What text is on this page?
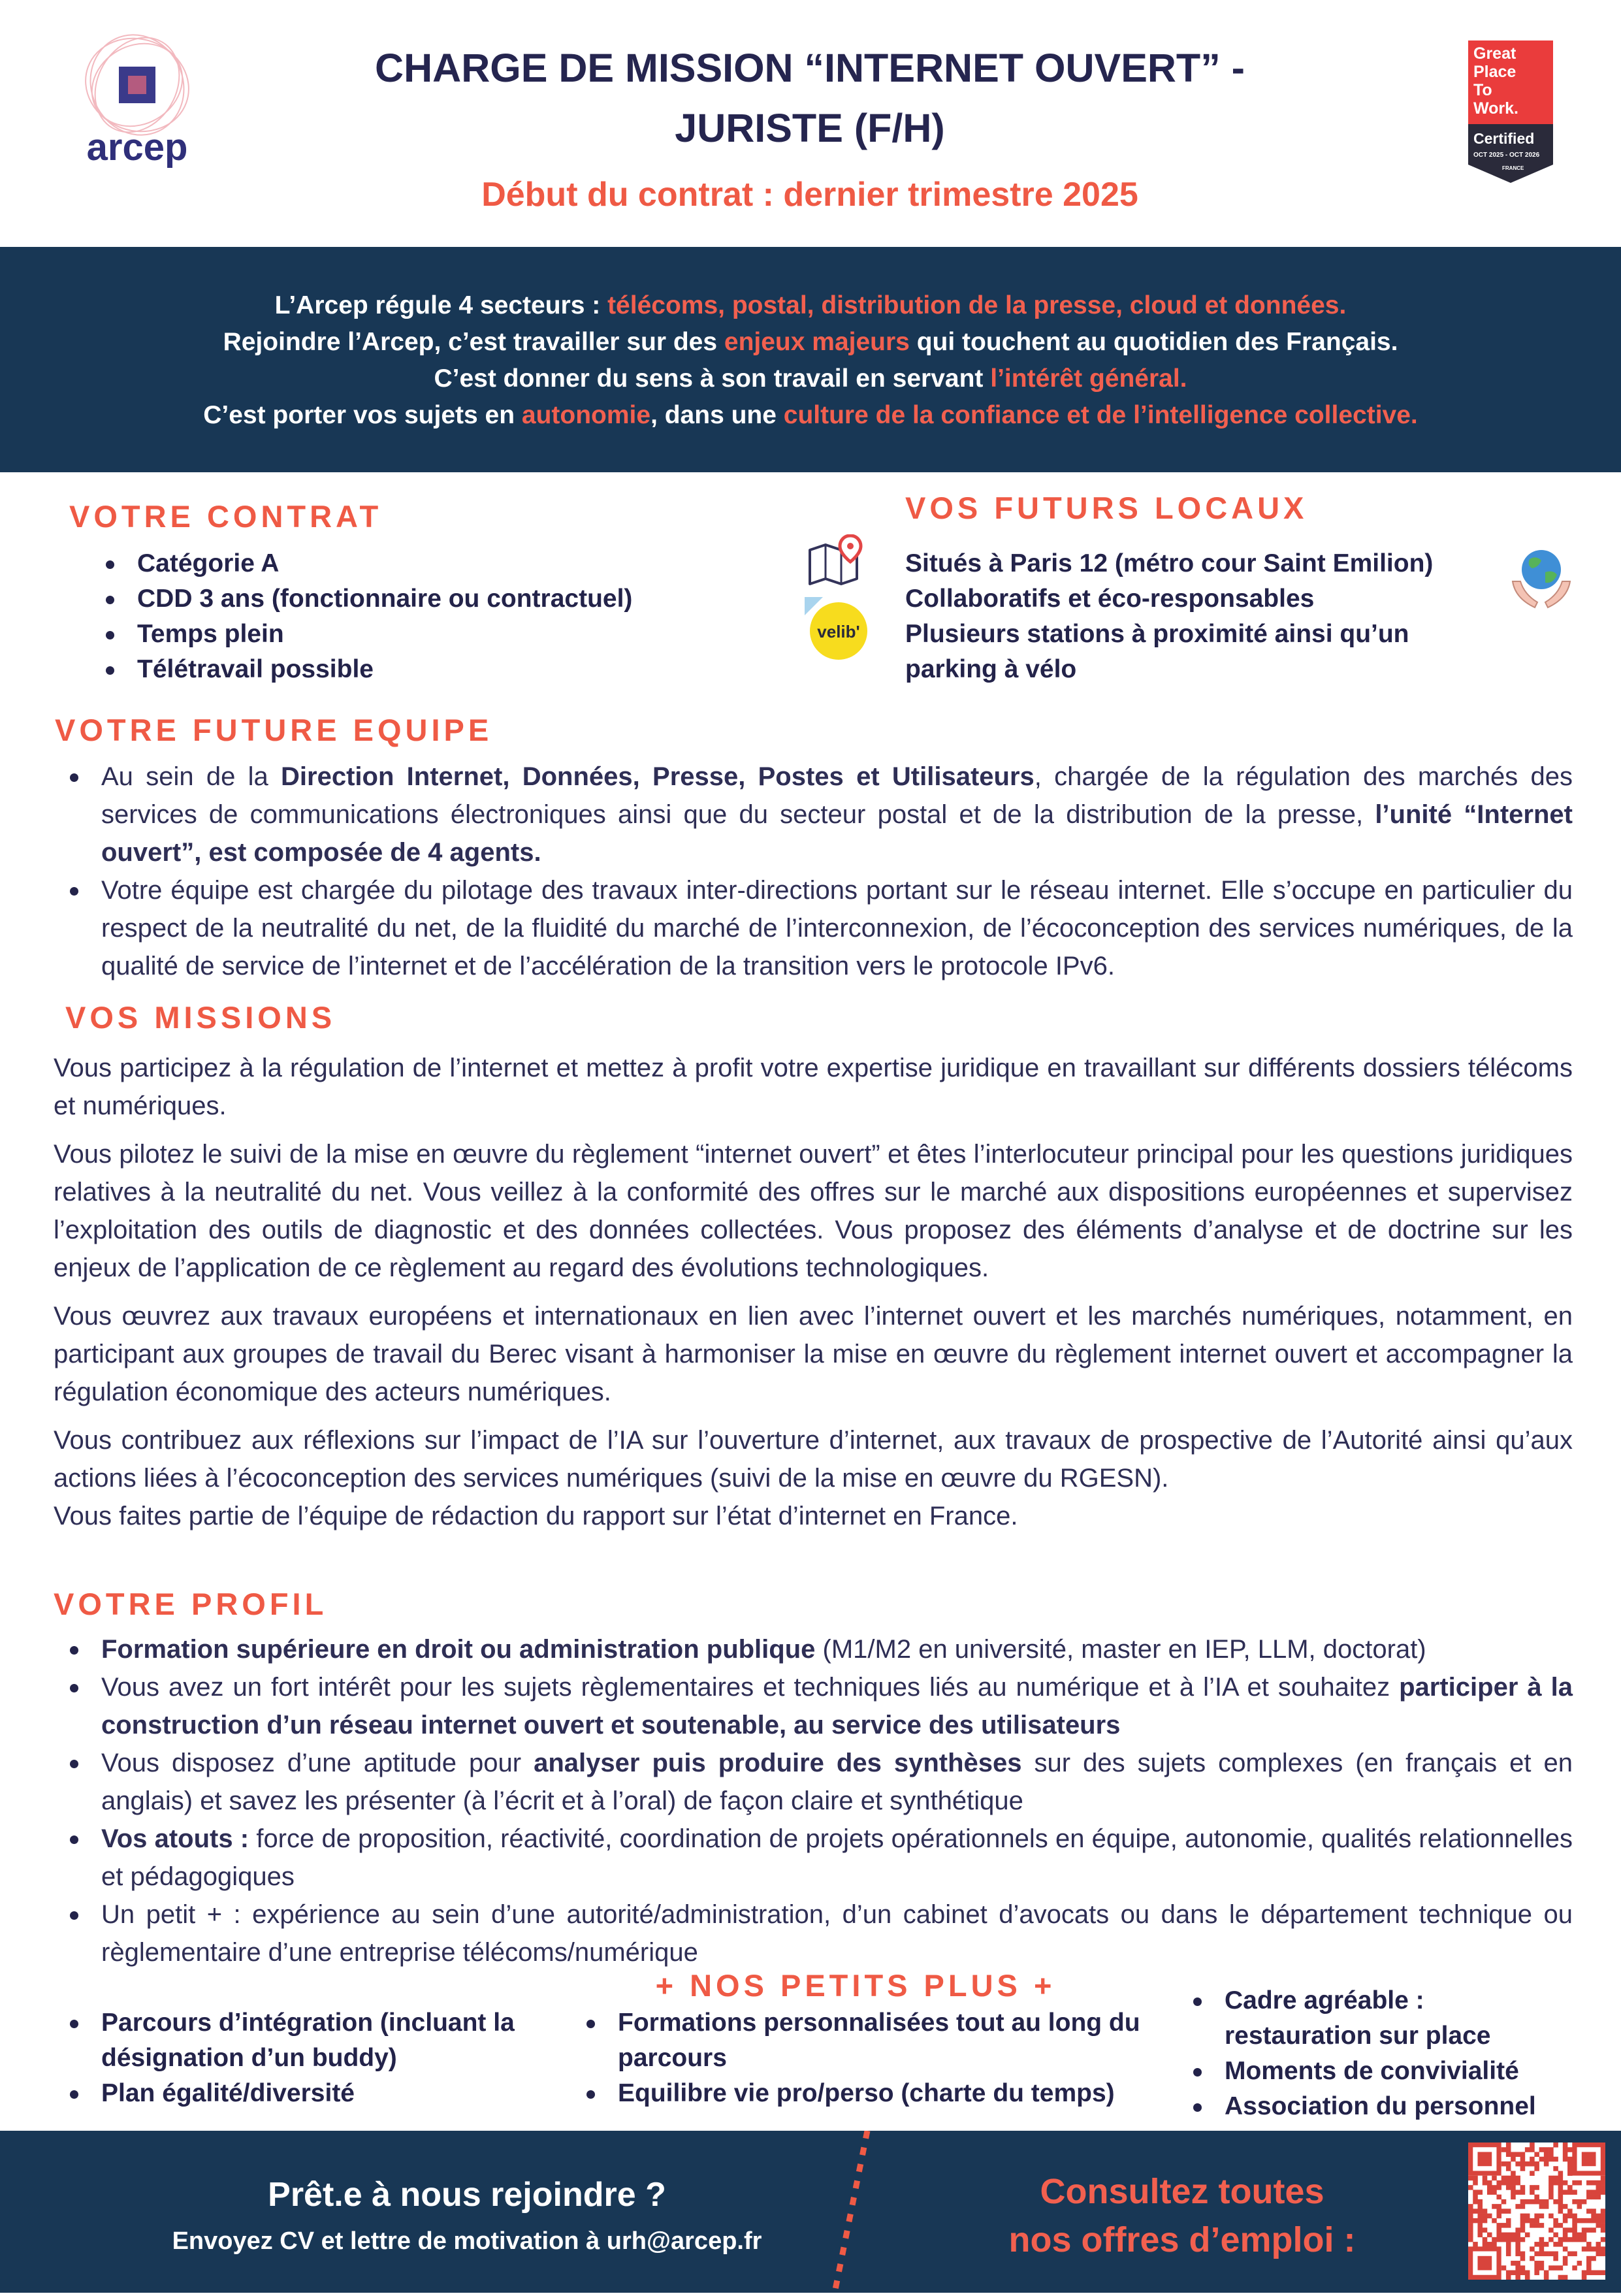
arcep
CHARGE DE MISSION “INTERNET OUVERT” -
JURISTE (F/H)
Début du contrat : dernier trimestre 2025
Great
Place
To
Work.
Certified
OCT 2025 - OCT 2026
FRANCE
L’Arcep régule 4 secteurs : télécoms, postal, distribution de la presse, cloud et données.
Rejoindre l’Arcep, c’est travailler sur des enjeux majeurs qui touchent au quotidien des Français.
C’est donner du sens à son travail en servant l’intérêt général.
C’est porter vos sujets en autonomie, dans une culture de la confiance et de l’intelligence collective.
VOTRE CONTRAT
Catégorie A
CDD 3 ans (fonctionnaire ou contractuel)
Temps plein
Télétravail possible
VOS FUTURS LOCAUX
velib'
Situés à Paris 12 (métro cour Saint Emilion)
Collaboratifs et éco-responsables
Plusieurs stations à proximité ainsi qu’un
parking à vélo
VOTRE FUTURE EQUIPE
Au sein de la Direction Internet, Données, Presse, Postes et Utilisateurs, chargée de la régulation des marchés des services de communications électroniques ainsi que du secteur postal et de la distribution de la presse, l’unité “Internet ouvert”, est composée de 4 agents.
Votre équipe est chargée du pilotage des travaux inter-directions portant sur le réseau internet. Elle s’occupe en particulier du respect de la neutralité du net, de la fluidité du marché de l’interconnexion, de l’écoconception des services numériques, de la qualité de service de l’internet et de l’accélération de la transition vers le protocole IPv6.
VOS MISSIONS

Vous participez à la régulation de l’internet et mettez à profit votre expertise juridique en travaillant sur différents dossiers télécoms et numériques.

Vous pilotez le suivi de la mise en œuvre du règlement “internet ouvert” et êtes l’interlocuteur principal pour les questions juridiques relatives à la neutralité du net. Vous veillez à la conformité des offres sur le marché aux dispositions européennes et supervisez l’exploitation des outils de diagnostic et des données collectées. Vous proposez des éléments d’analyse et de doctrine sur les enjeux de l’application de ce règlement au regard des évolutions technologiques.

Vous œuvrez aux travaux européens et internationaux en lien avec l’internet ouvert et les marchés numériques, notamment, en participant aux groupes de travail du Berec visant à harmoniser la mise en œuvre du règlement internet ouvert et accompagner la régulation économique des acteurs numériques.

Vous contribuez aux réflexions sur l’impact de l’IA sur l’ouverture d’internet, aux travaux de prospective de l’Autorité ainsi qu’aux actions liées à l’écoconception des services numériques (suivi de la mise en œuvre du RGESN).

Vous faites partie de l’équipe de rédaction du rapport sur l’état d’internet en France.

VOTRE PROFIL
Formation supérieure en droit ou administration publique (M1/M2 en université, master en IEP, LLM, doctorat)
Vous avez un fort intérêt pour les sujets règlementaires et techniques liés au numérique et à l’IA et souhaitez participer à la construction d’un réseau internet ouvert et soutenable, au service des utilisateurs
Vous disposez d’une aptitude pour analyser puis produire des synthèses sur des sujets complexes (en français et en anglais) et savez les présenter (à l’écrit et à l’oral) de façon claire et synthétique
Vos atouts : force de proposition, réactivité, coordination de projets opérationnels en équipe, autonomie, qualités relationnelles et pédagogiques
Un petit + : expérience au sein d’une autorité/administration, d’un cabinet d’avocats ou dans le département technique ou règlementaire d’une entreprise télécoms/numérique
+ NOS PETITS PLUS +
Parcours d’intégration (incluant la désignation d’un buddy)
Plan égalité/diversité
Formations personnalisées tout au long du parcours
Equilibre vie pro/perso (charte du temps)
Cadre agréable : restauration sur place
Moments de convivialité
Association du personnel
Prêt.e à nous rejoindre ?
Envoyez CV et lettre de motivation à urh@arcep.fr
Consultez toutes
nos offres d’emploi :
